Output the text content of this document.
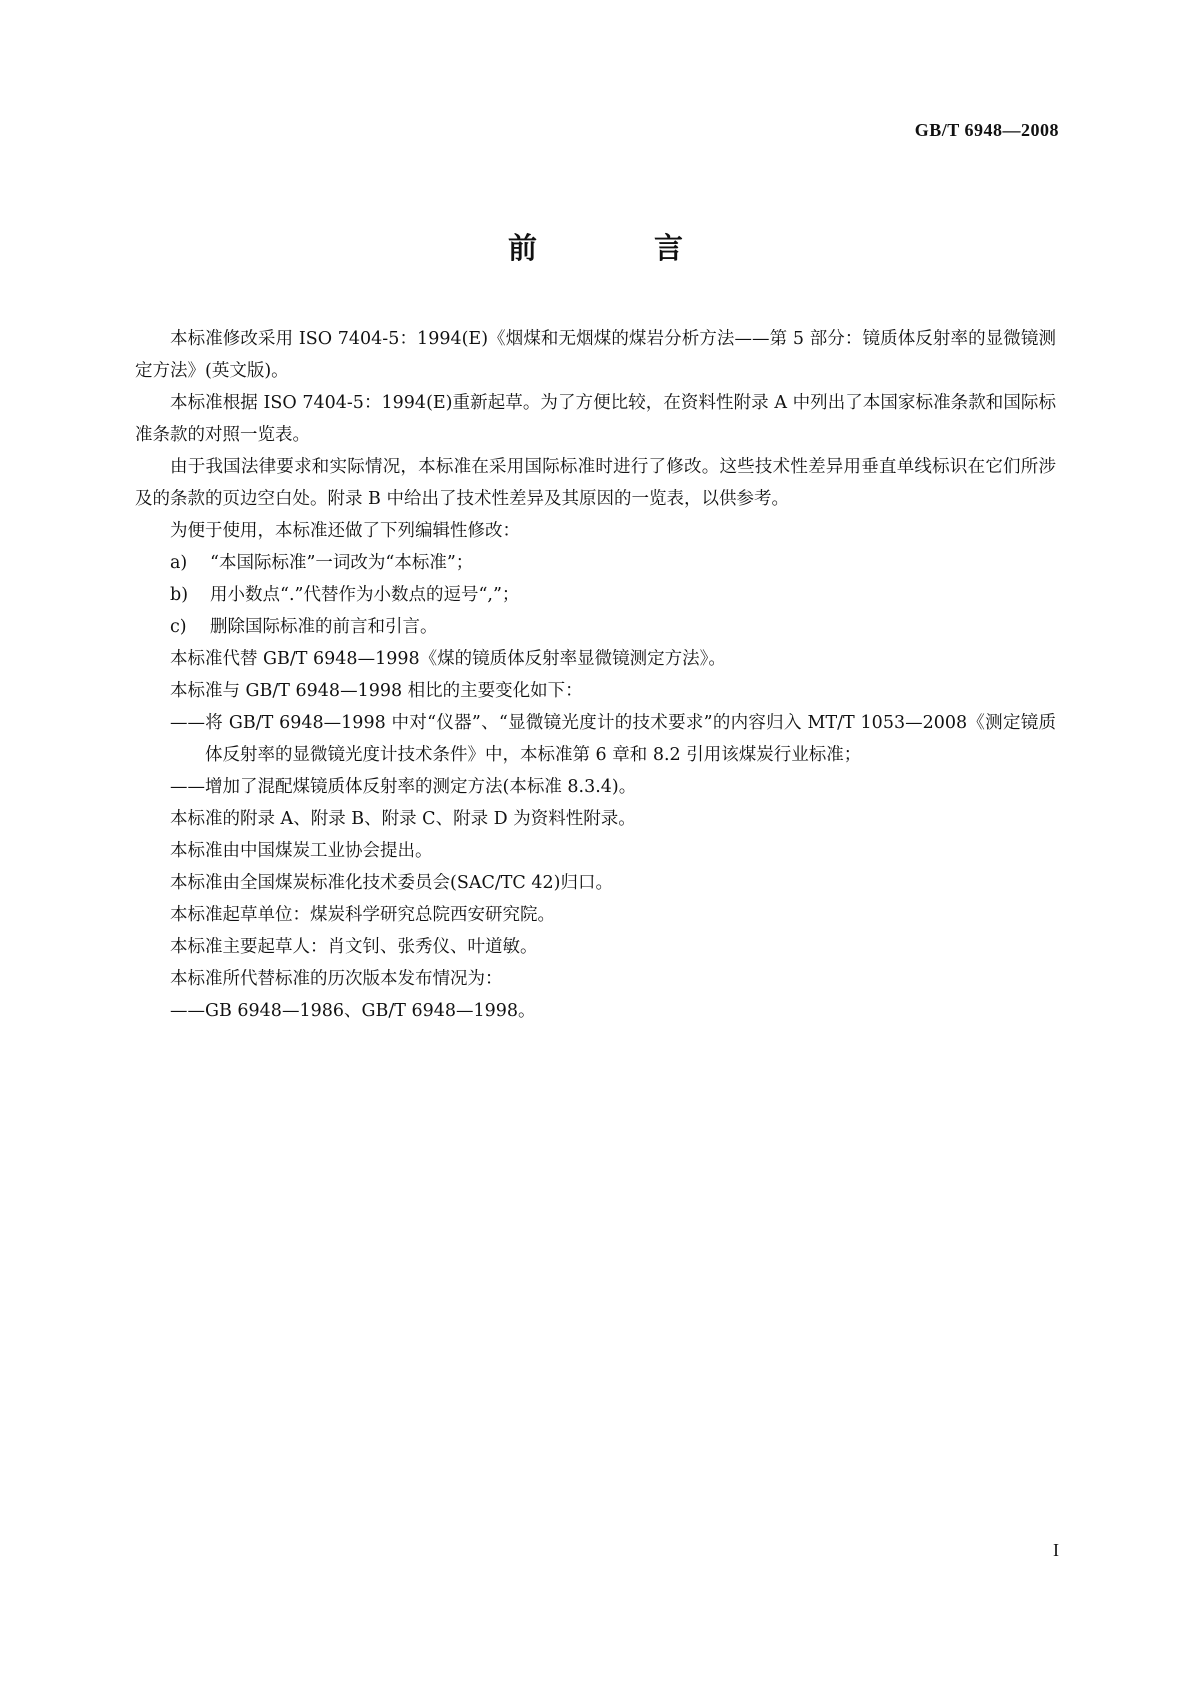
GB/T 6948—2008
前　言

本标准修改采用 ISO 7404-5：1994(E)《烟煤和无烟煤的煤岩分析方法——第 5 部分：镜质体反射率的显微镜测定方法》(英文版)。

本标准根据 ISO 7404-5：1994(E)重新起草。为了方便比较，在资料性附录 A 中列出了本国家标准条款和国际标准条款的对照一览表。

由于我国法律要求和实际情况，本标准在采用国际标准时进行了修改。这些技术性差异用垂直单线标识在它们所涉及的条款的页边空白处。附录 B 中给出了技术性差异及其原因的一览表，以供参考。

为便于使用，本标准还做了下列编辑性修改：

a)	“本国际标准”一词改为“本标准”；

b)	用小数点“.”代替作为小数点的逗号“,”；

c)	删除国际标准的前言和引言。

本标准代替 GB/T 6948—1998《煤的镜质体反射率显微镜测定方法》。

本标准与 GB/T 6948—1998 相比的主要变化如下：

——将 GB/T 6948—1998 中对“仪器”、“显微镜光度计的技术要求”的内容归入 MT/T 1053—2008《测定镜质体反射率的显微镜光度计技术条件》中，本标准第 6 章和 8.2 引用该煤炭行业标准；

——增加了混配煤镜质体反射率的测定方法(本标准 8.3.4)。

本标准的附录 A、附录 B、附录 C、附录 D 为资料性附录。

本标准由中国煤炭工业协会提出。

本标准由全国煤炭标准化技术委员会(SAC/TC 42)归口。

本标准起草单位：煤炭科学研究总院西安研究院。

本标准主要起草人：肖文钊、张秀仪、叶道敏。

本标准所代替标准的历次版本发布情况为：

——GB 6948—1986、GB/T 6948—1998。

I
